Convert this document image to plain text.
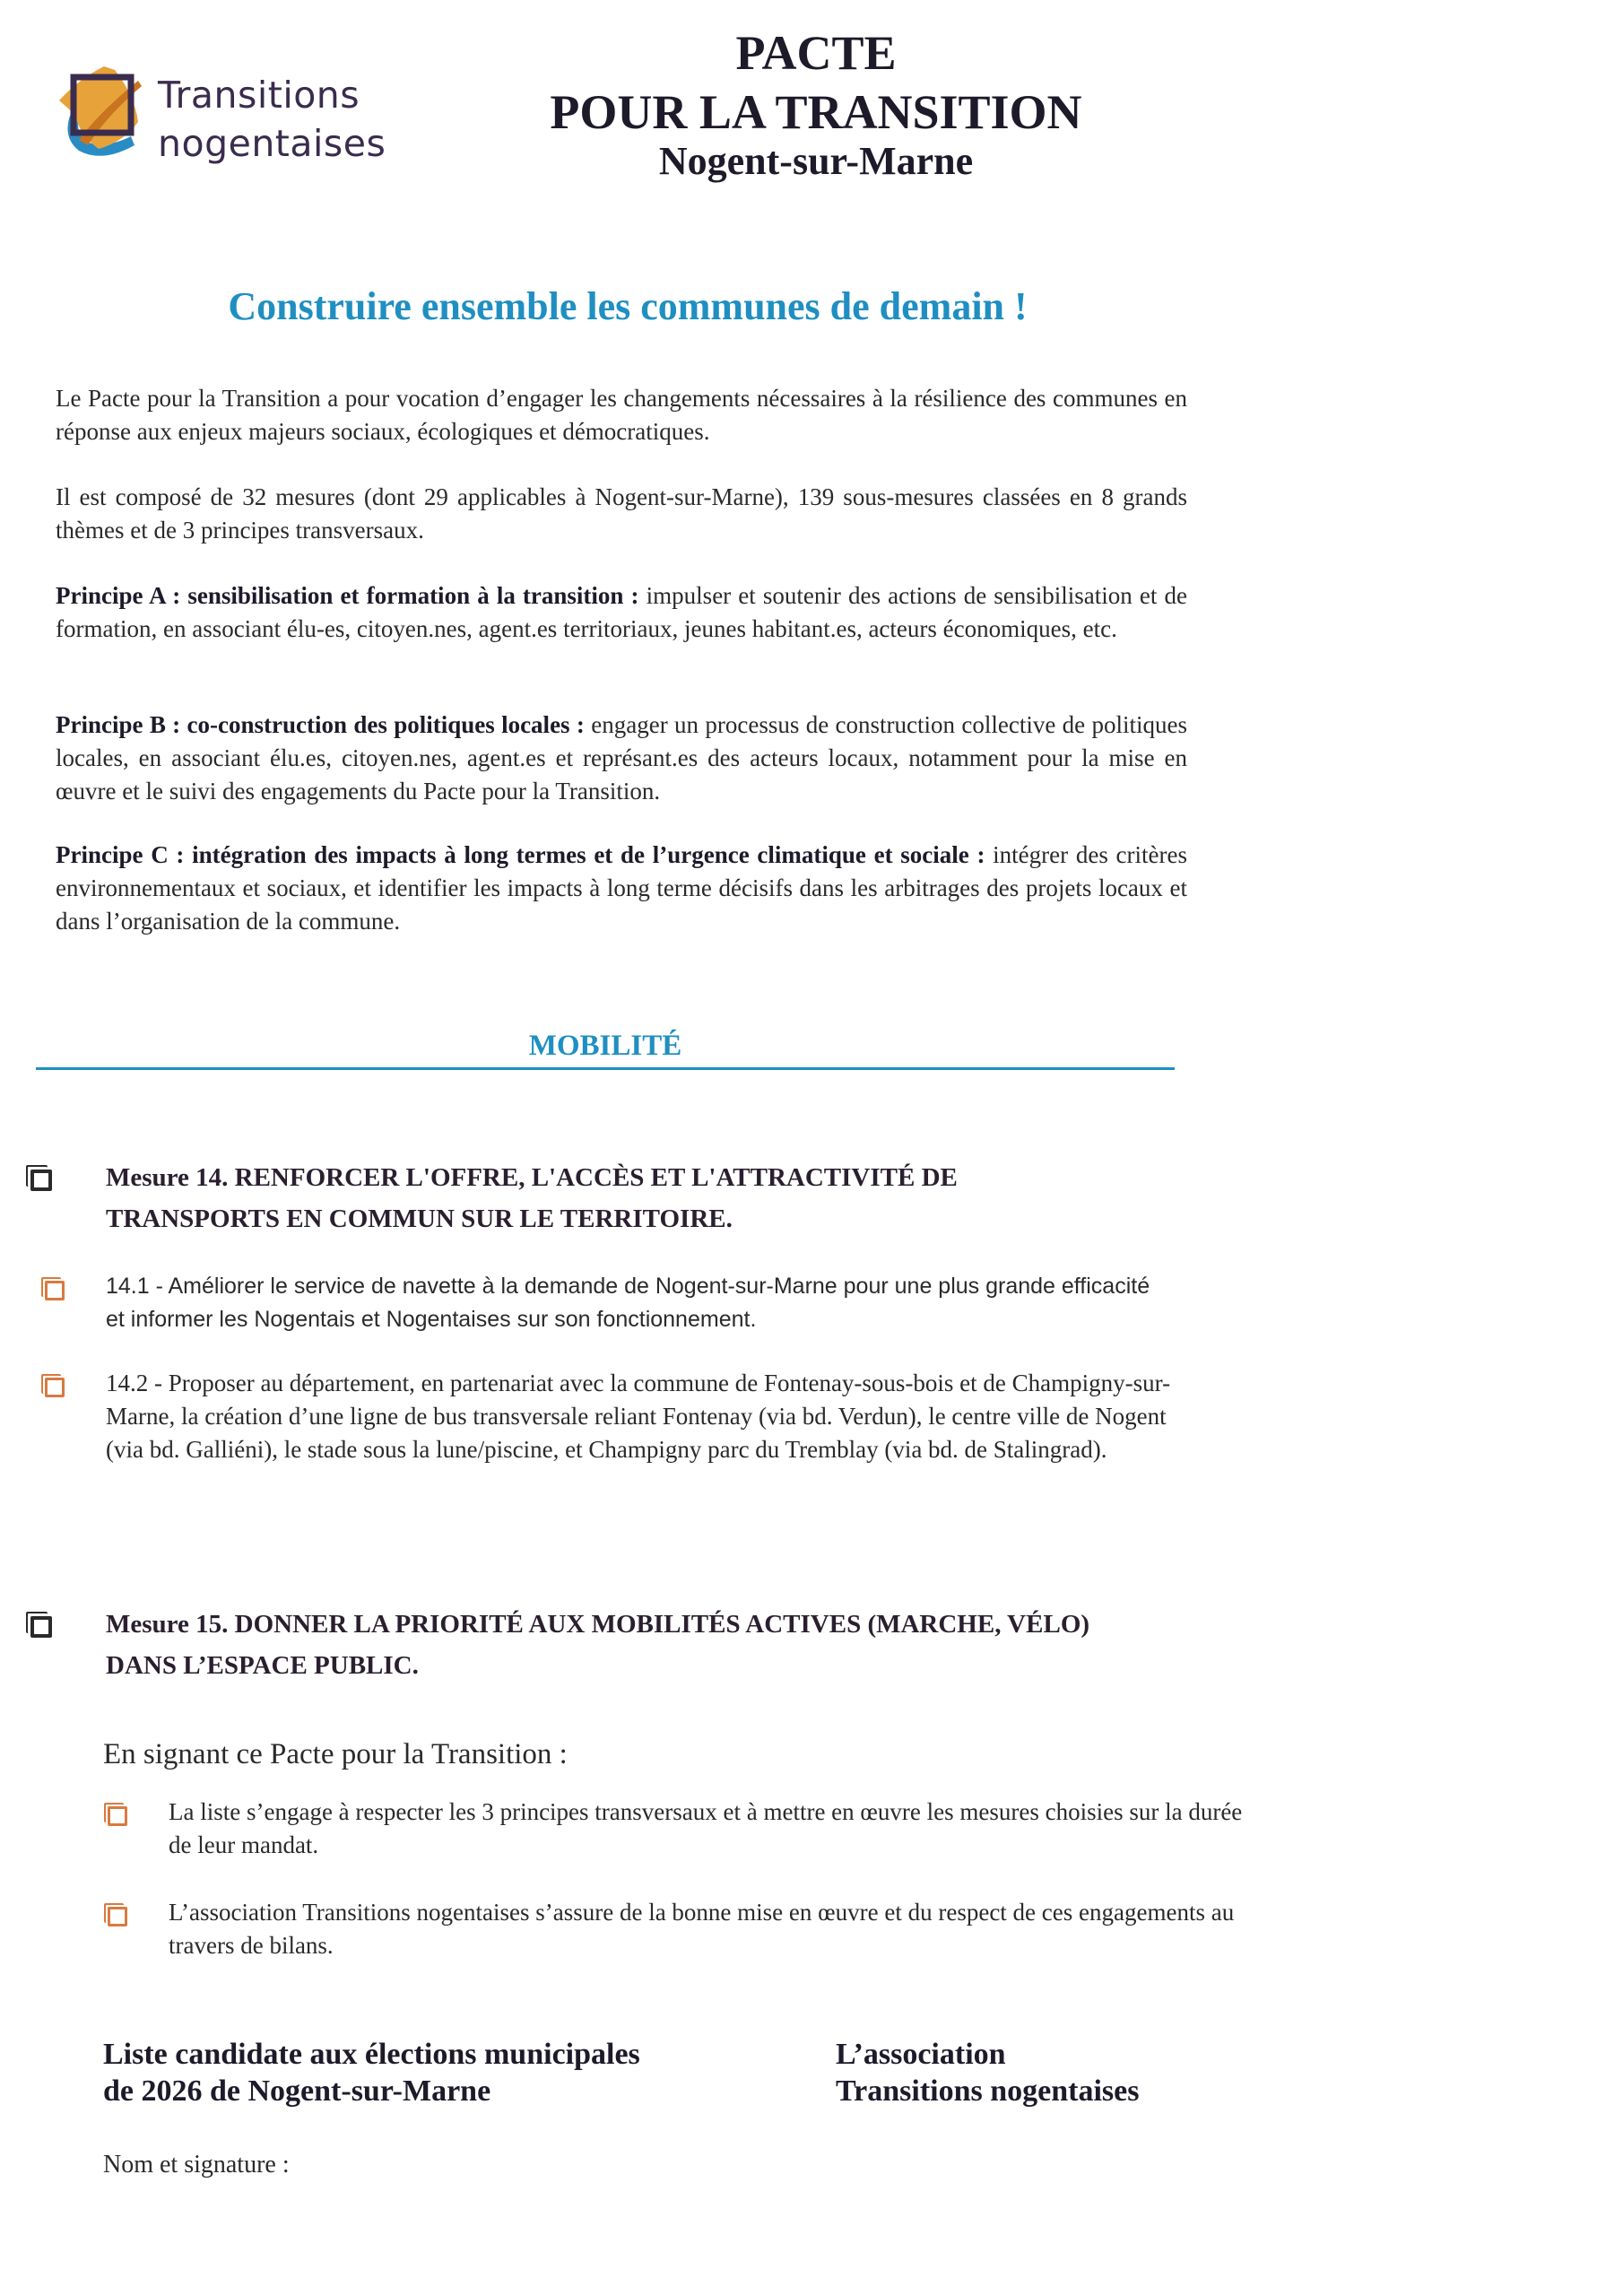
Transitions
nogentaises
PACTE
POUR LA TRANSITION
Nogent-sur-Marne
Construire ensemble les communes de demain !
Le Pacte pour la Transition a pour vocation d’engager les changements nécessaires à la résilience des communes en réponse aux enjeux majeurs sociaux, écologiques et démocratiques.
Il est composé de 32 mesures (dont 29 applicables à Nogent-sur-Marne), 139 sous-mesures classées en 8 grands thèmes et de 3 principes transversaux.
Principe A : sensibilisation et formation à la transition : impulser et soutenir des actions de sensibilisation et de formation, en associant élu-es, citoyen.nes, agent.es territoriaux, jeunes habitant.es, acteurs économiques, etc.
Principe B : co-construction des politiques locales : engager un processus de construction collective de politiques locales, en associant élu.es, citoyen.nes, agent.es et représant.es des acteurs locaux, notamment pour la mise en œuvre et le suivi des engagements du Pacte pour la Transition.
Principe C : intégration des impacts à long termes et de l’urgence climatique et sociale : intégrer des critères environnementaux et sociaux, et identifier les impacts à long terme décisifs dans les arbitrages des projets locaux et dans l’organisation de la commune.
MOBILITÉ
Mesure 14. RENFORCER L'OFFRE, L'ACCÈS ET L'ATTRACTIVITÉ DE TRANSPORTS EN COMMUN SUR LE TERRITOIRE.
14.1 - Améliorer le service de navette à la demande de Nogent-sur-Marne pour une plus grande efficacité et informer les Nogentais et Nogentaises sur son fonctionnement.
14.2 - Proposer au département, en partenariat avec la commune de Fontenay-sous-bois et de Champigny-sur-Marne, la création d’une ligne de bus transversale reliant Fontenay (via bd. Verdun), le centre ville de Nogent (via bd. Galliéni), le stade sous la lune/piscine, et Champigny parc du Tremblay (via bd. de Stalingrad).
Mesure 15. DONNER LA PRIORITÉ AUX MOBILITÉS ACTIVES (MARCHE, VÉLO) DANS L’ESPACE PUBLIC.
En signant ce Pacte pour la Transition :
La liste s’engage à respecter les 3 principes transversaux et à mettre en œuvre les mesures choisies sur la durée de leur mandat.
L’association Transitions nogentaises s’assure de la bonne mise en œuvre et du respect de ces engagements au travers de bilans.
Liste candidate aux élections municipales
de 2026 de Nogent-sur-Marne
L’association
Transitions nogentaises
Nom et signature :
